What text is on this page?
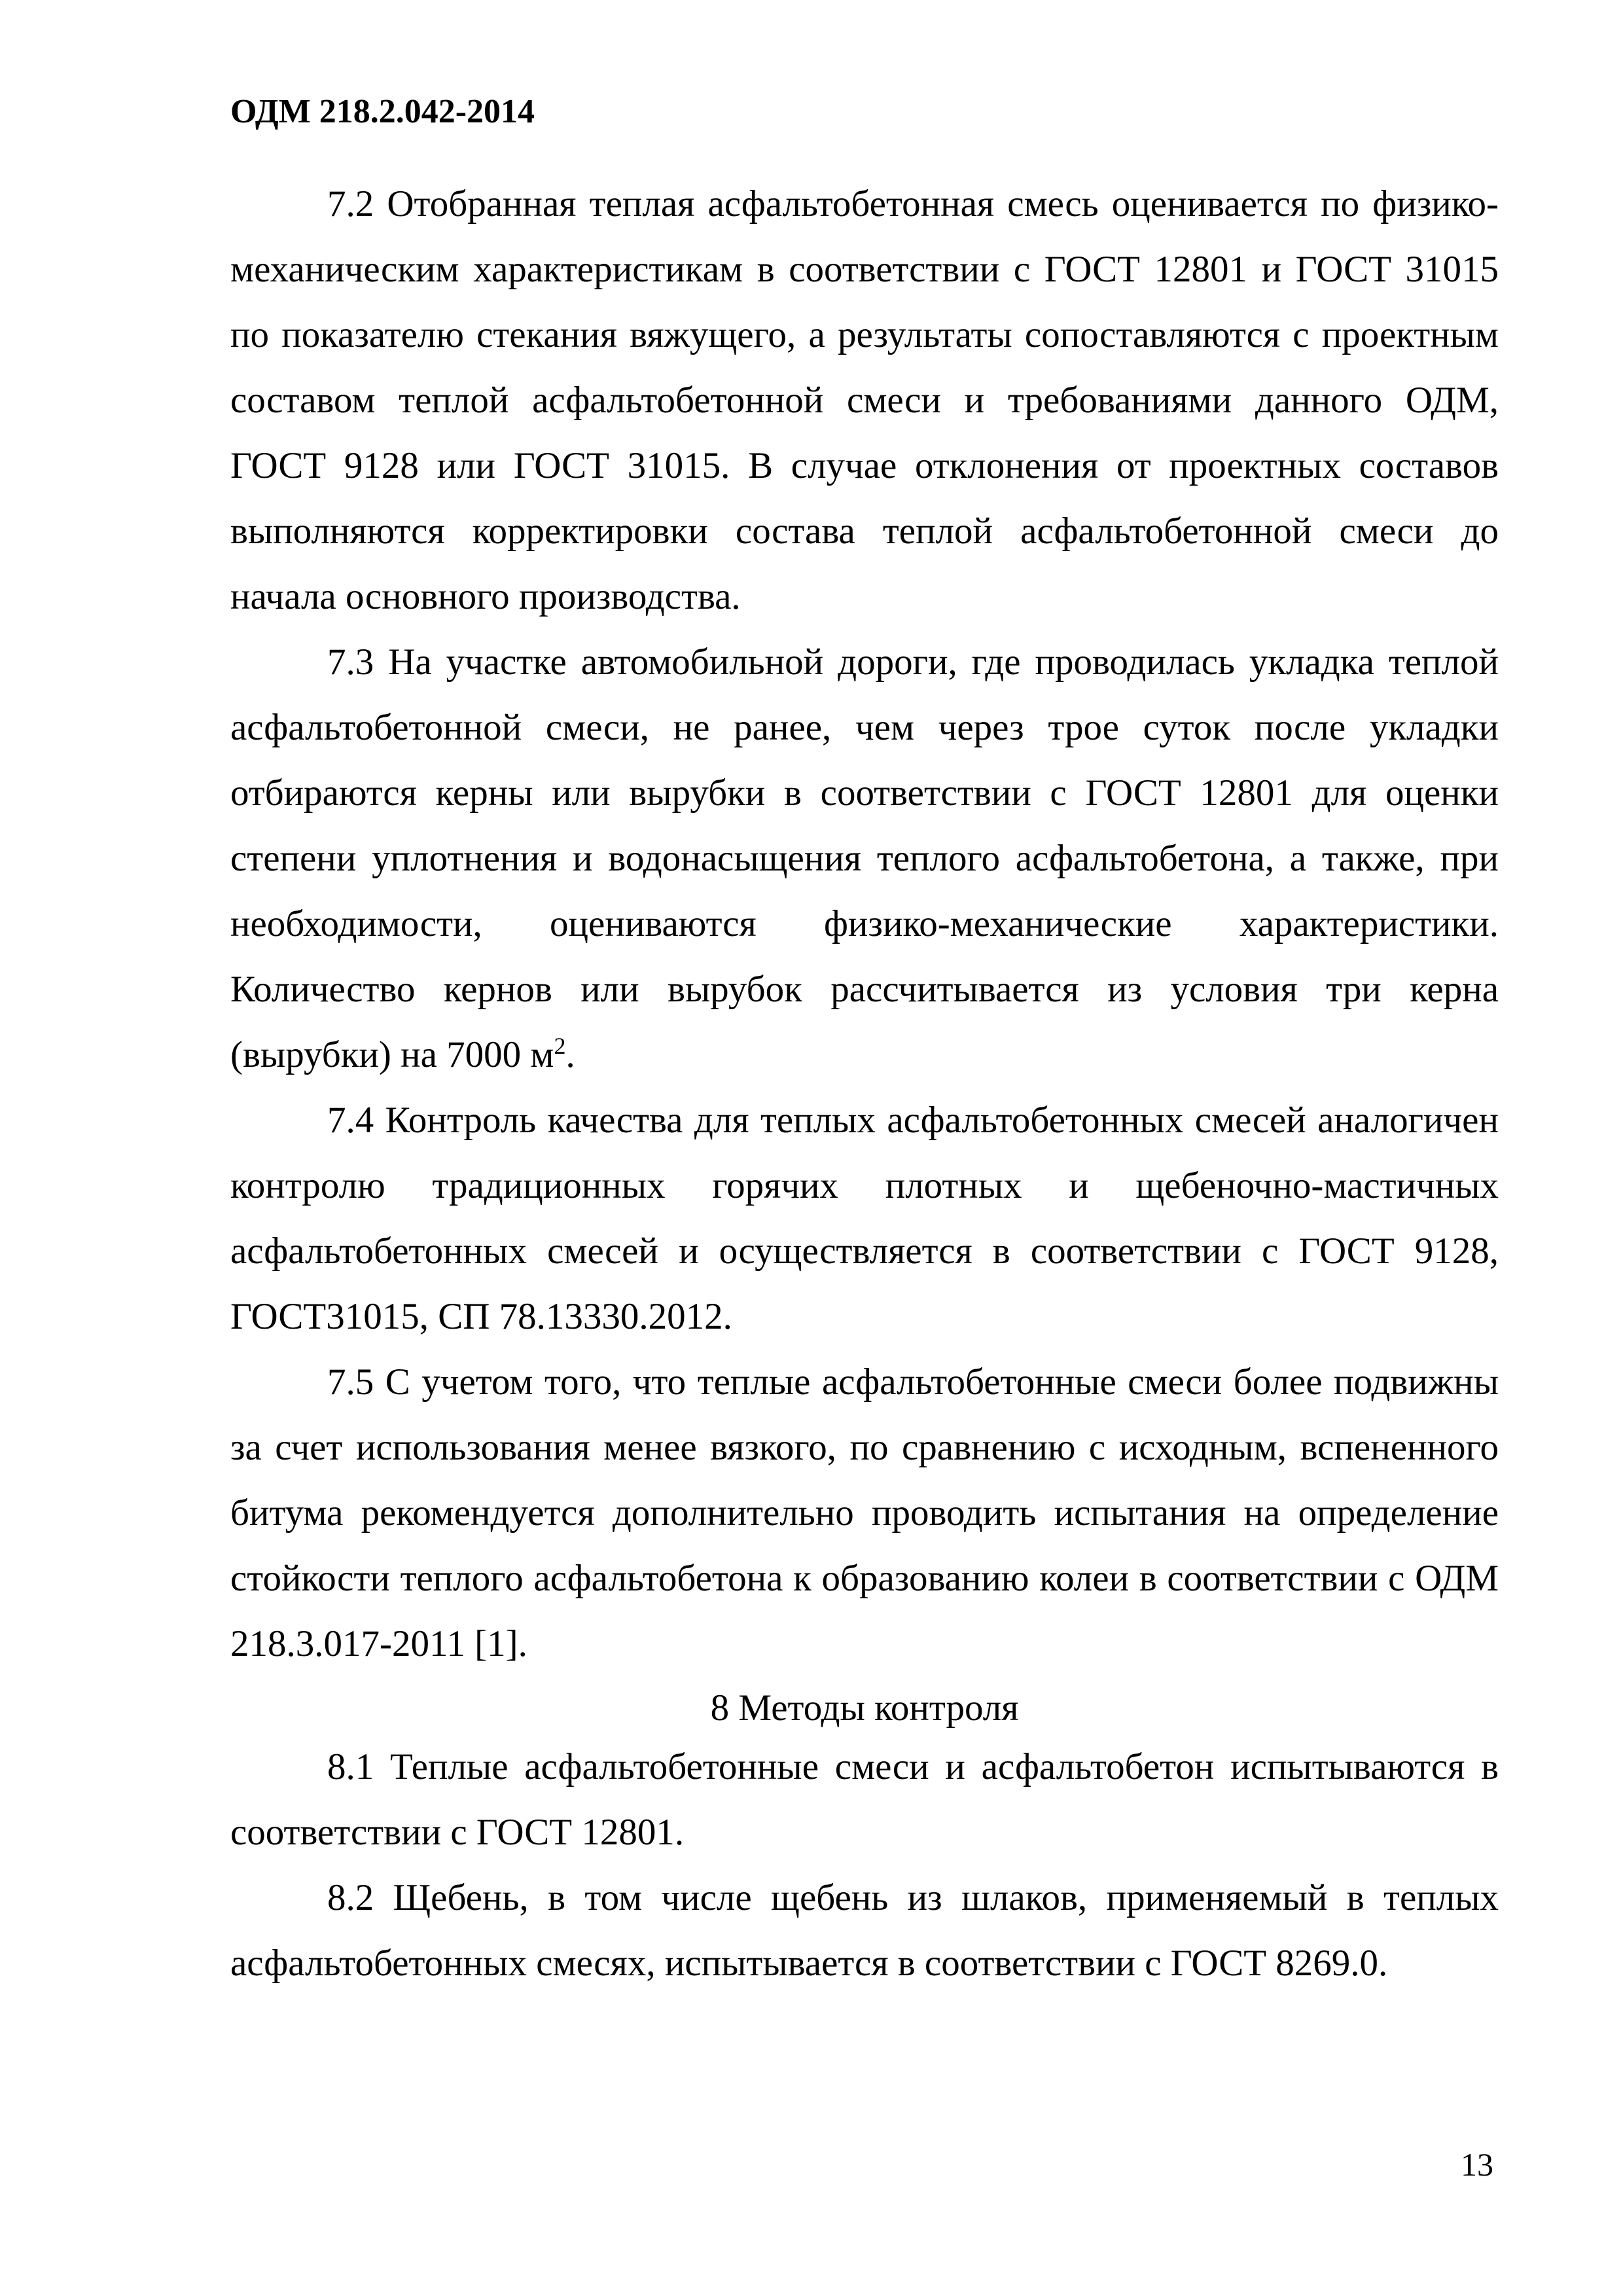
ОДМ 218.2.042-2014

7.2 Отобранная теплая асфальтобетонная смесь оценивается по физико-механическим характеристикам в соответствии с ГОСТ 12801 и ГОСТ 31015 по показателю стекания вяжущего, а результаты сопоставляются с проектным составом теплой асфальтобетонной смеси и требованиями данного ОДМ, ГОСТ 9128 или ГОСТ 31015. В случае отклонения от проектных составов выполняются корректировки состава теплой асфальтобетонной смеси до начала основного производства.

7.3 На участке автомобильной дороги, где проводилась укладка теплой асфальтобетонной смеси, не ранее, чем через трое суток после укладки отбираются керны или вырубки в соответствии с ГОСТ 12801 для оценки степени уплотнения и водонасыщения теплого асфальтобетона, а также, при необходимости, оцениваются физико-механические характеристики. Количество кернов или вырубок рассчитывается из условия три керна (вырубки) на 7000 $м^2$.

7.4 Контроль качества для теплых асфальтобетонных смесей аналогичен контролю традиционных горячих плотных и щебеночно-мастичных асфальтобетонных смесей и осуществляется в соответствии с ГОСТ 9128, ГОСТ31015, СП 78.13330.2012.

7.5 С учетом того, что теплые асфальтобетонные смеси более подвижны за счет использования менее вязкого, по сравнению с исходным, вспененного битума рекомендуется дополнительно проводить испытания на определение стойкости теплого асфальтобетона к образованию колеи в соответствии с ОДМ 218.3.017-2011 [1].

8 Методы контроля

8.1 Теплые асфальтобетонные смеси и асфальтобетон испытываются в соответствии с ГОСТ 12801.

8.2 Щебень, в том числе щебень из шлаков, применяемый в теплых асфальтобетонных смесях, испытывается в соответствии с ГОСТ 8269.0.

13
